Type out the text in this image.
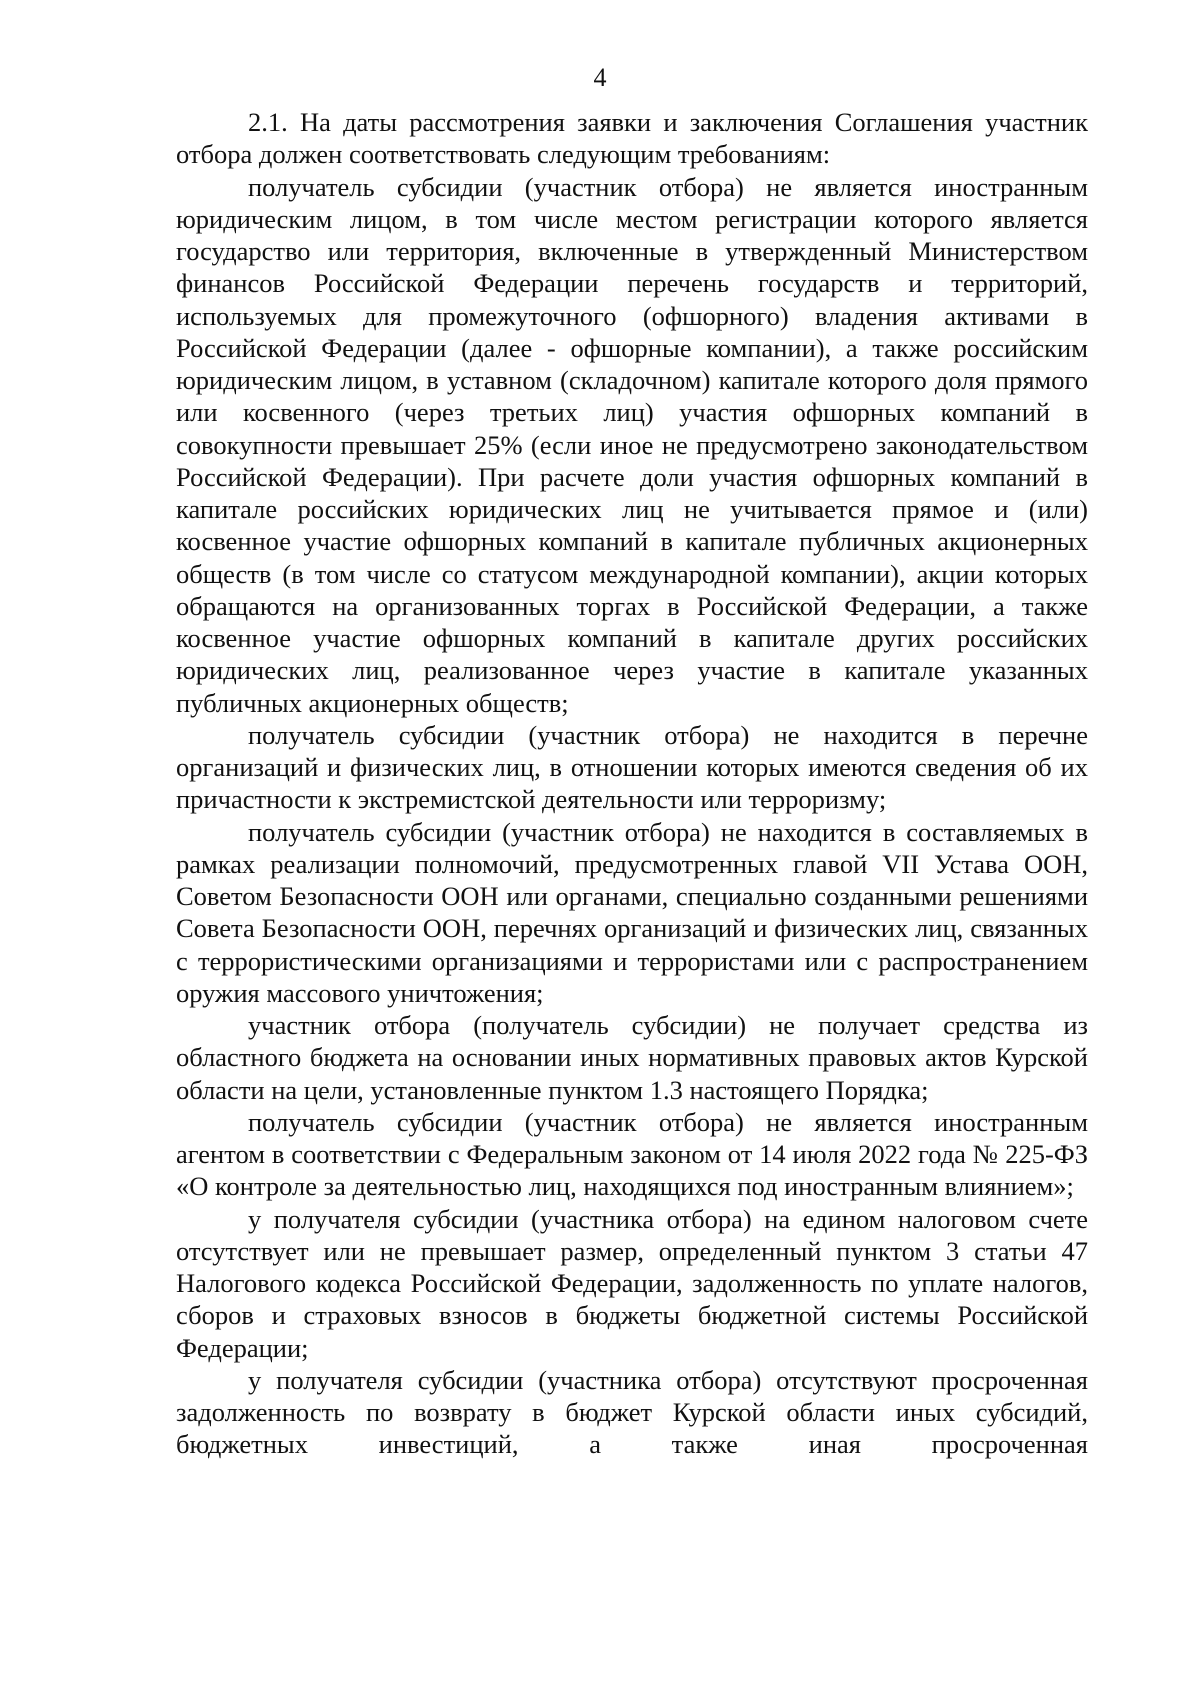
4

2.1. На даты рассмотрения заявки и заключения Соглашения участник отбора должен соответствовать следующим требованиям:

получатель субсидии (участник отбора) не является иностранным юридическим лицом, в том числе местом регистрации которого является государство или территория, включенные в утвержденный Министерством финансов Российской Федерации перечень государств и территорий, используемых для промежуточного (офшорного) владения активами в Российской Федерации (далее - офшорные компании), а также российским юридическим лицом, в уставном (складочном) капитале которого доля прямого или косвенного (через третьих лиц) участия офшорных компаний в совокупности превышает 25% (если иное не предусмотрено законодательством Российской Федерации). При расчете доли участия офшорных компаний в капитале российских юридических лиц не учитывается прямое и (или) косвенное участие офшорных компаний в капитале публичных акционерных обществ (в том числе со статусом международной компании), акции которых обращаются на организованных торгах в Российской Федерации, а также косвенное участие офшорных компаний в капитале других российских юридических лиц, реализованное через участие в капитале указанных публичных акционерных обществ;

получатель субсидии (участник отбора) не находится в перечне организаций и физических лиц, в отношении которых имеются сведения об их причастности к экстремистской деятельности или терроризму;

получатель субсидии (участник отбора) не находится в составляемых в рамках реализации полномочий, предусмотренных главой VII Устава ООН, Советом Безопасности ООН или органами, специально созданными решениями Совета Безопасности ООН, перечнях организаций и физических лиц, связанных с террористическими организациями и террористами или с распространением оружия массового уничтожения;

участник отбора (получатель субсидии) не получает средства из областного бюджета на основании иных нормативных правовых актов Курской области на цели, установленные пунктом 1.3 настоящего Порядка;

получатель субсидии (участник отбора) не является иностранным агентом в соответствии с Федеральным законом от 14 июля 2022 года № 225-ФЗ «О контроле за деятельностью лиц, находящихся под иностранным влиянием»;

у получателя субсидии (участника отбора) на едином налоговом счете отсутствует или не превышает размер, определенный пунктом 3 статьи 47 Налогового кодекса Российской Федерации, задолженность по уплате налогов, сборов и страховых взносов в бюджеты бюджетной системы Российской Федерации;

у получателя субсидии (участника отбора) отсутствуют просроченная задолженность по возврату в бюджет Курской области иных субсидий, бюджетных инвестиций, а также иная просроченная
